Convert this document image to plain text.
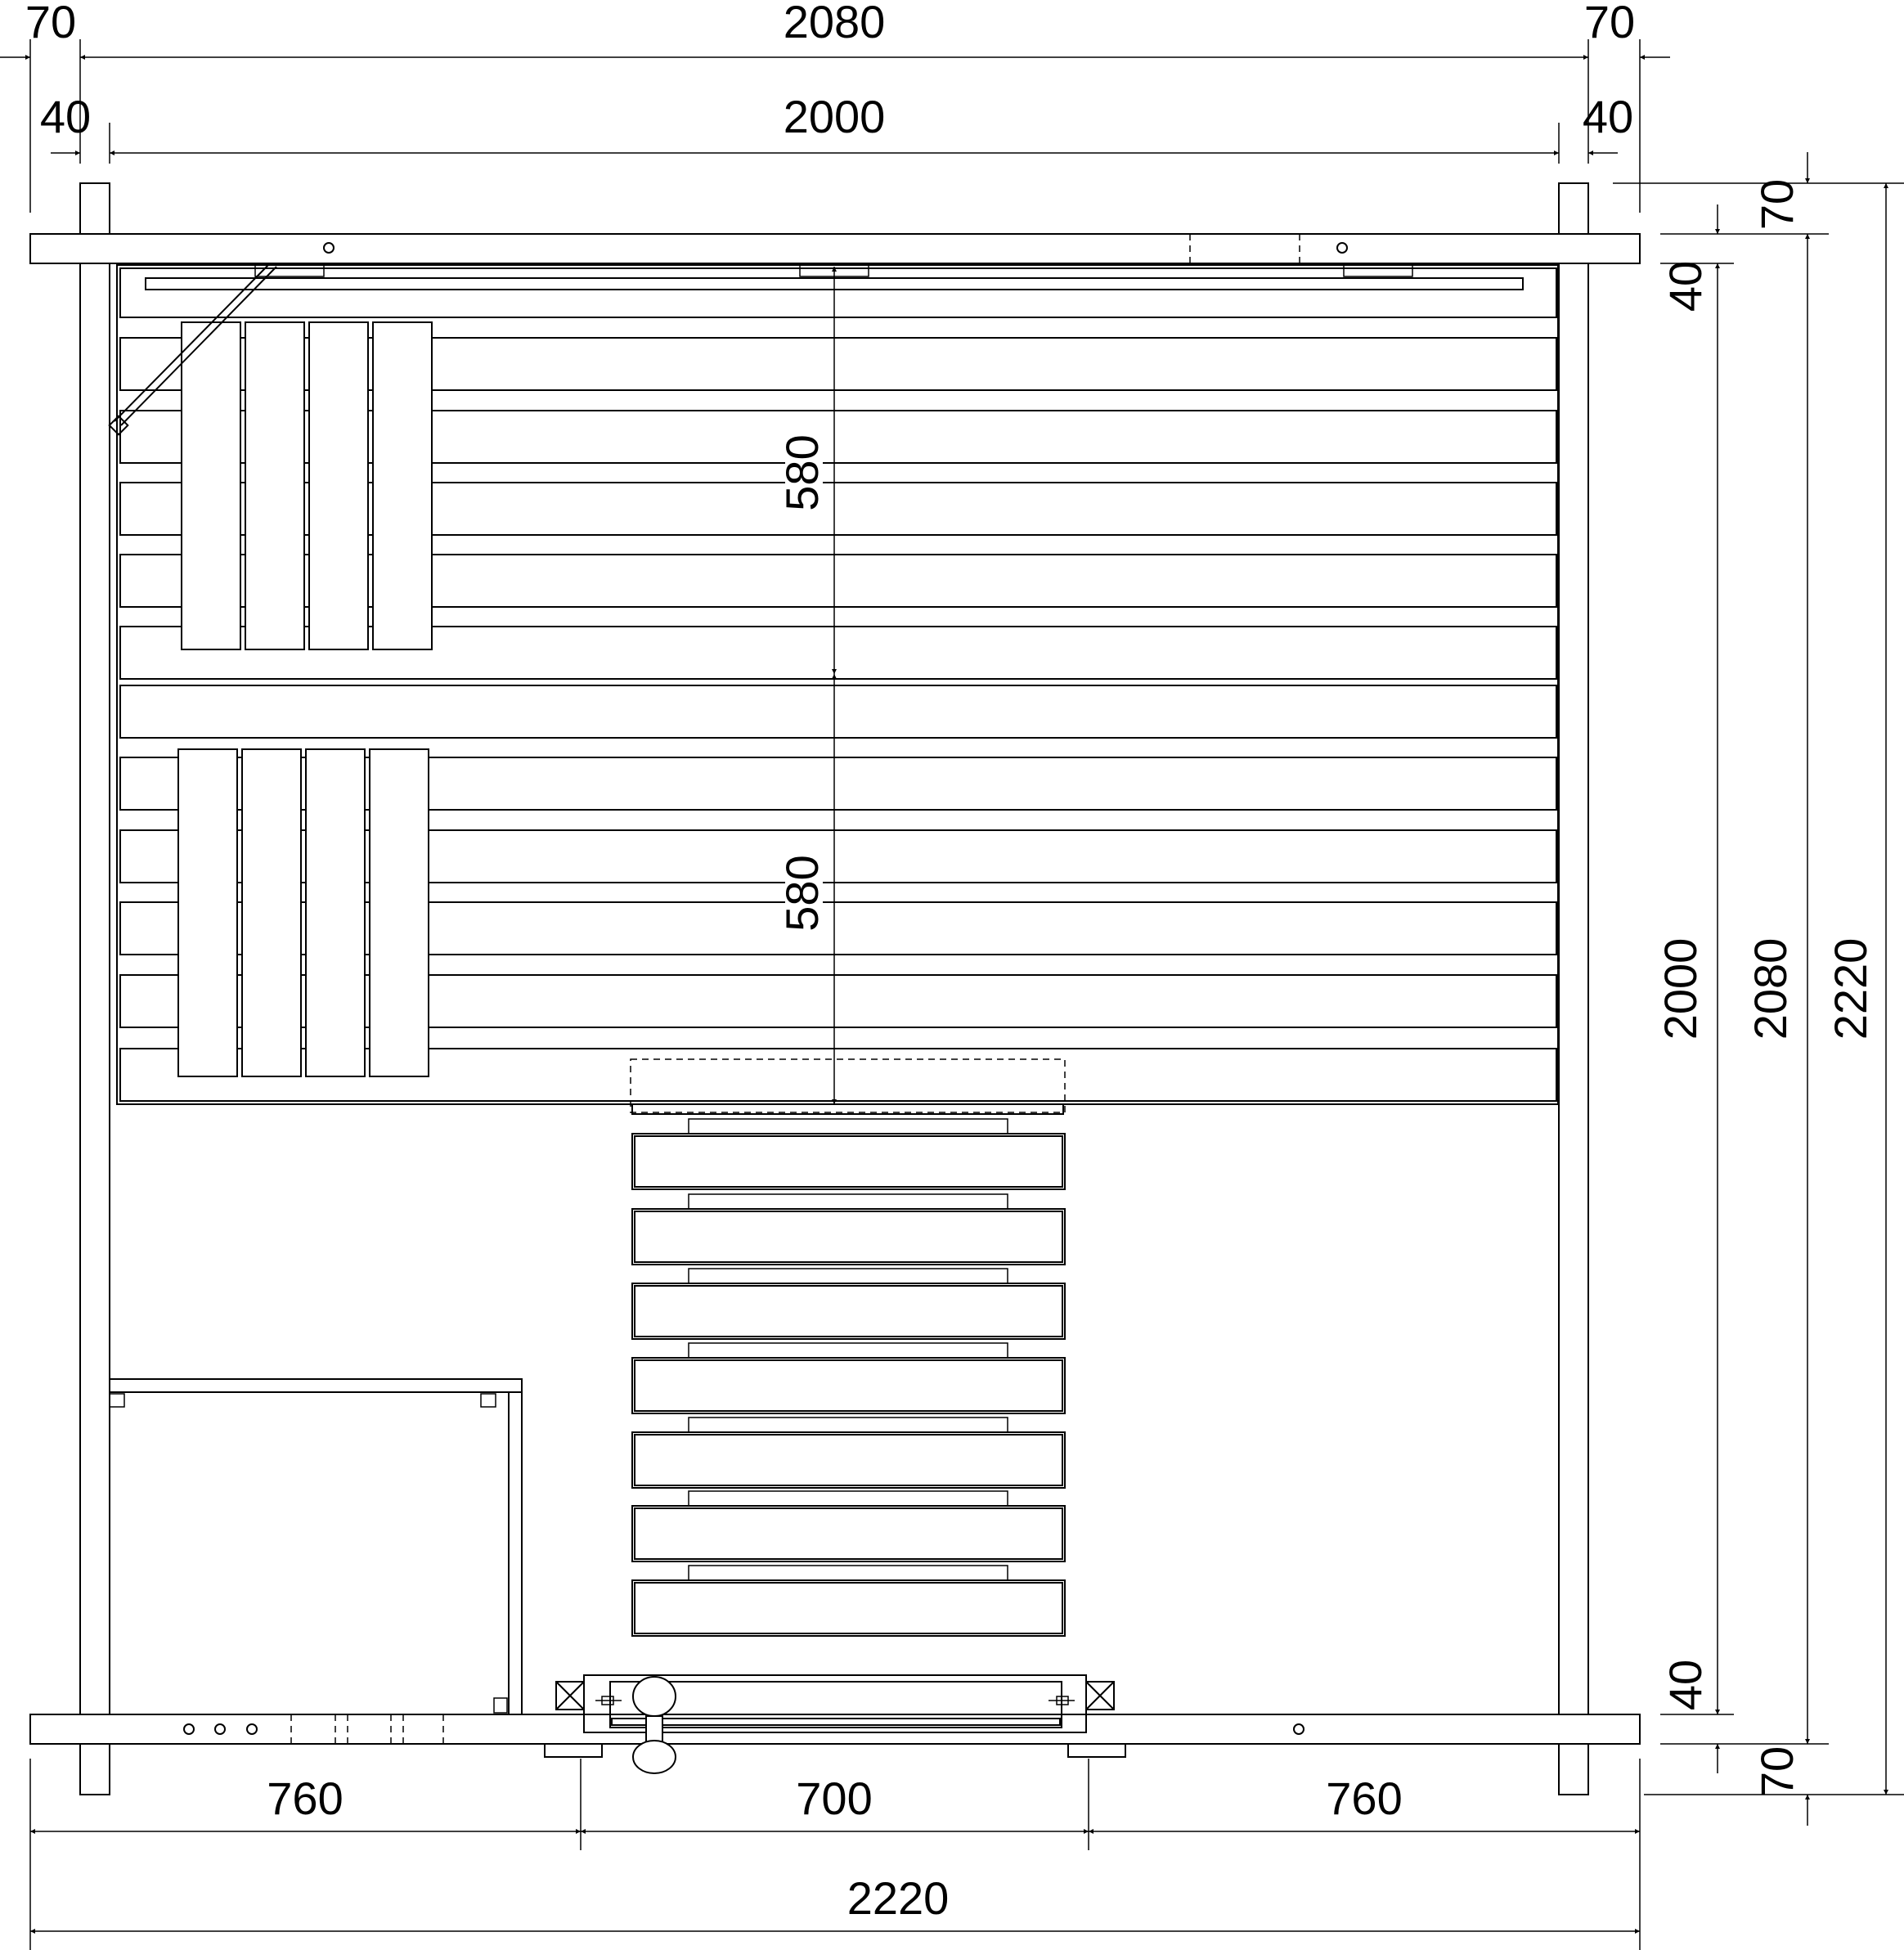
70	2080	70
40	2000	40
70
40
2000 2080 2220
40
70
760	700	760
2220
580
580
